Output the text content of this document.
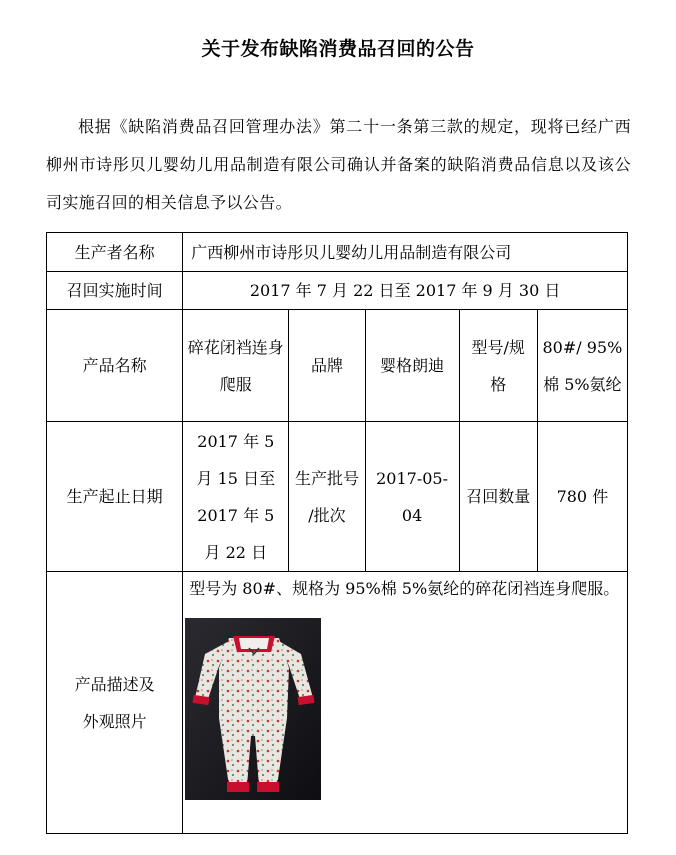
关于发布缺陷消费品召回的公告
根据《缺陷消费品召回管理办法》第二十一条第三款的规定，现将已经广西柳州市诗彤贝儿婴幼儿用品制造有限公司确认并备案的缺陷消费品信息以及该公司实施召回的相关信息予以公告。
生产者名称	广西柳州市诗彤贝儿婴幼儿用品制造有限公司				
召回实施时间	2017 年 7 月 22 日至 2017 年 9 月 30 日				
产品名称	碎花闭裆连身爬服	品牌	婴格朗迪	型号/规格	80#/ 95%棉 5%氨纶
生产起止日期	2017 年 5 月 15 日至 2017 年 5 月 22 日	生产批号 /批次	2017-05-04	召回数量	780 件
产品描述及外观照片	型号为 80#、规格为 95%棉 5%氨纶的碎花闭裆连身爬服。				
